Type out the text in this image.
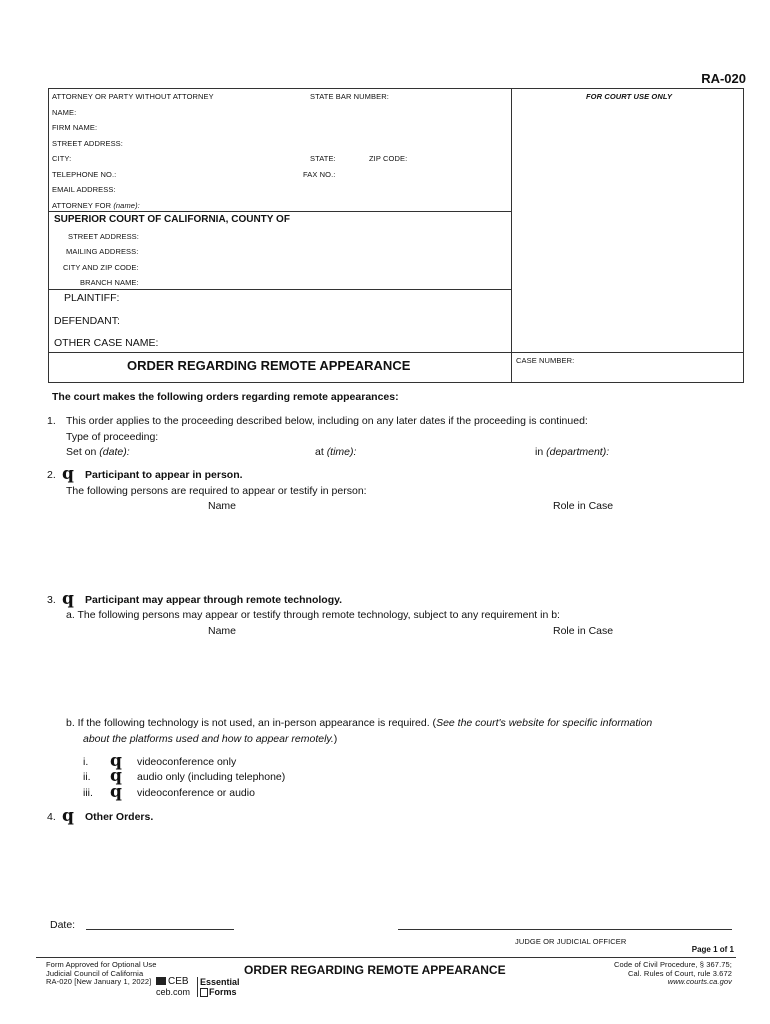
RA-020
ATTORNEY OR PARTY WITHOUT ATTORNEY	STATE BAR NUMBER:	FOR COURT USE ONLY
NAME:
FIRM NAME:
STREET ADDRESS:
CITY:	STATE:	ZIP CODE:
TELEPHONE NO.:	FAX NO.:
EMAIL ADDRESS:
ATTORNEY FOR (name):
SUPERIOR COURT OF CALIFORNIA, COUNTY OF
STREET ADDRESS:
MAILING ADDRESS:
CITY AND ZIP CODE:
BRANCH NAME:
PLAINTIFF:
DEFENDANT:
OTHER CASE NAME:
ORDER REGARDING REMOTE APPEARANCE	CASE NUMBER:
The court makes the following orders regarding remote appearances:
1. This order applies to the proceeding described below, including on any later dates if the proceeding is continued:
Type of proceeding:
Set on (date):	at (time):	in (department):
2. q Participant to appear in person.
The following persons are required to appear or testify in person:
Name	Role in Case
3. q Participant may appear through remote technology.
a. The following persons may appear or testify through remote technology, subject to any requirement in b:
Name	Role in Case
b. If the following technology is not used, an in-person appearance is required. (See the court's website for specific information
about the platforms used and how to appear remotely.)
i. q videoconference only
ii. q audio only (including telephone)
iii. q videoconference or audio
4. q Other Orders.
Date:
JUDGE OR JUDICIAL OFFICER
Page 1 of 1
Form Approved for Optional Use
Judicial Council of California
RA-020 [New January 1, 2022]	CEB
ceb.com
Essential
Forms
ORDER REGARDING REMOTE APPEARANCE	Code of Civil Procedure, § 367.75;
Cal. Rules of Court, rule 3.672
www.courts.ca.gov
